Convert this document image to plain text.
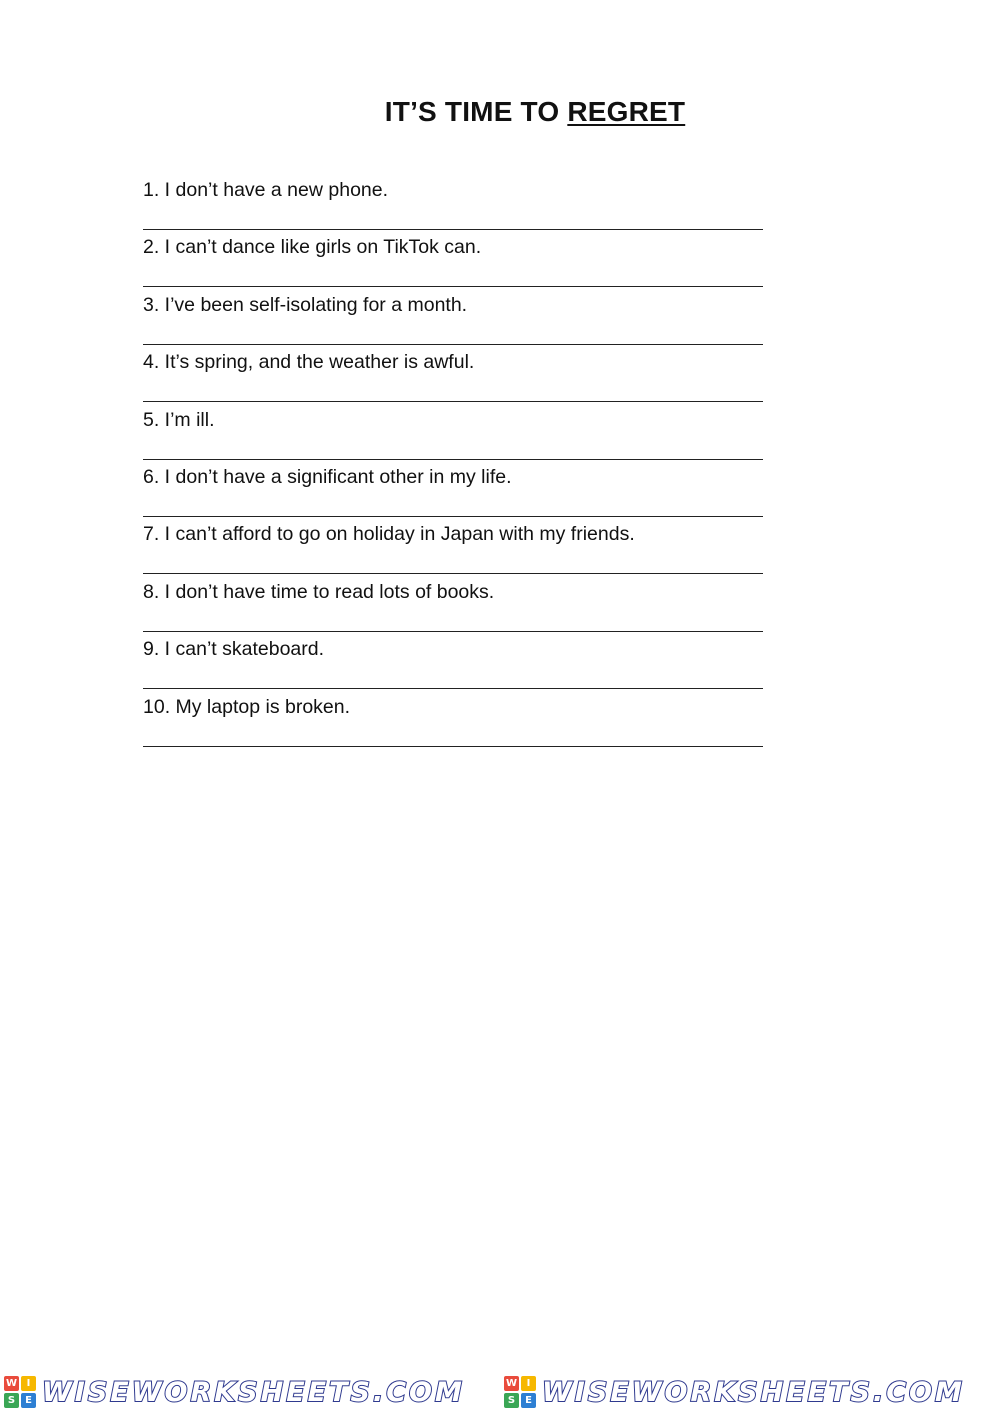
IT’S TIME TO REGRET
1. I don’t have a new phone.
2. I can’t dance like girls on TikTok can.
3. I’ve been self-isolating for a month.
4. It’s spring, and the weather is awful.
5. I’m ill.
6. I don’t have a significant other in my life.
7. I can’t afford to go on holiday in Japan with my friends.
8. I don’t have time to read lots of books.
9. I can’t skateboard.
10. My laptop is broken.
W I
S E WISEWORKSHEETS.COM	W I
S E WISEWORKSHEETS.COM
